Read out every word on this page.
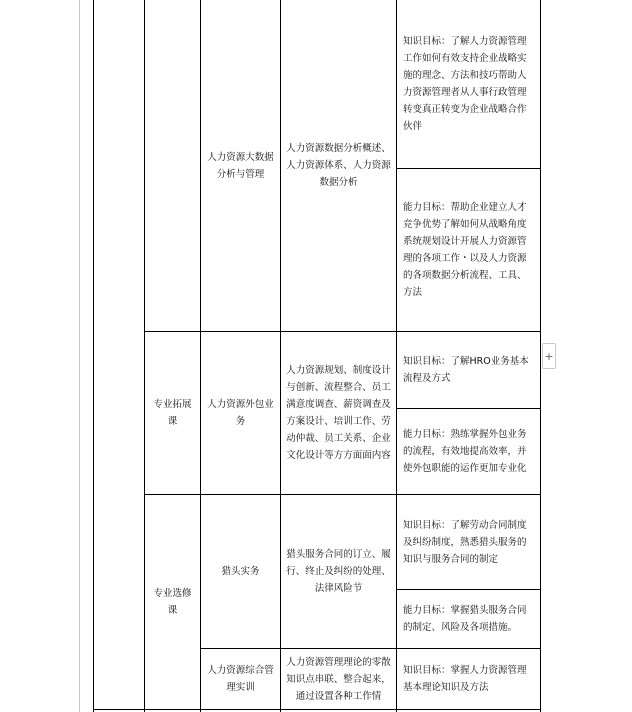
人力资源大数据分析与管理
人力资源数据分析概述、人力资源体系、人力资源数据分析
知识目标：了解人力资源管理工作如何有效支持企业战略实施的理念、方法和技巧帮助人力资源管理者从人事行政管理转变真正转变为企业战略合作伙伴
能力目标：帮助企业建立人才竞争优势了解如何从战略角度系统规划设计开展人力资源管理的各项工作・以及人力资源的各项数据分析流程、工具、方法
专业拓展课
人力资源外包业务
人力资源规划、制度设计与创新、流程整合、员工满意度调查、薪资调查及方案设计、培训工作、劳动仲裁、员工关系、企业文化设计等方方面面内容
知识目标：了解HRO业务基本流程及方式
能力目标：熟练掌握外包业务的流程，有效地提高效率，并使外包职能的运作更加专业化
专业选修课
猎头实务
猎头服务合同的订立、履行、终止及纠纷的处理、法律风险节
知识目标：了解劳动合同制度及纠纷制度，熟悉猎头服务的知识与服务合同的制定
能力目标：掌握猎头服务合同的制定、风险及各项措施。
人力资源综合管理实训
人力资源管理理论的零散知识点串联、整合起来，通过设置各种工作情
知识目标：掌握人力资源管理基本理论知识及方法
+
